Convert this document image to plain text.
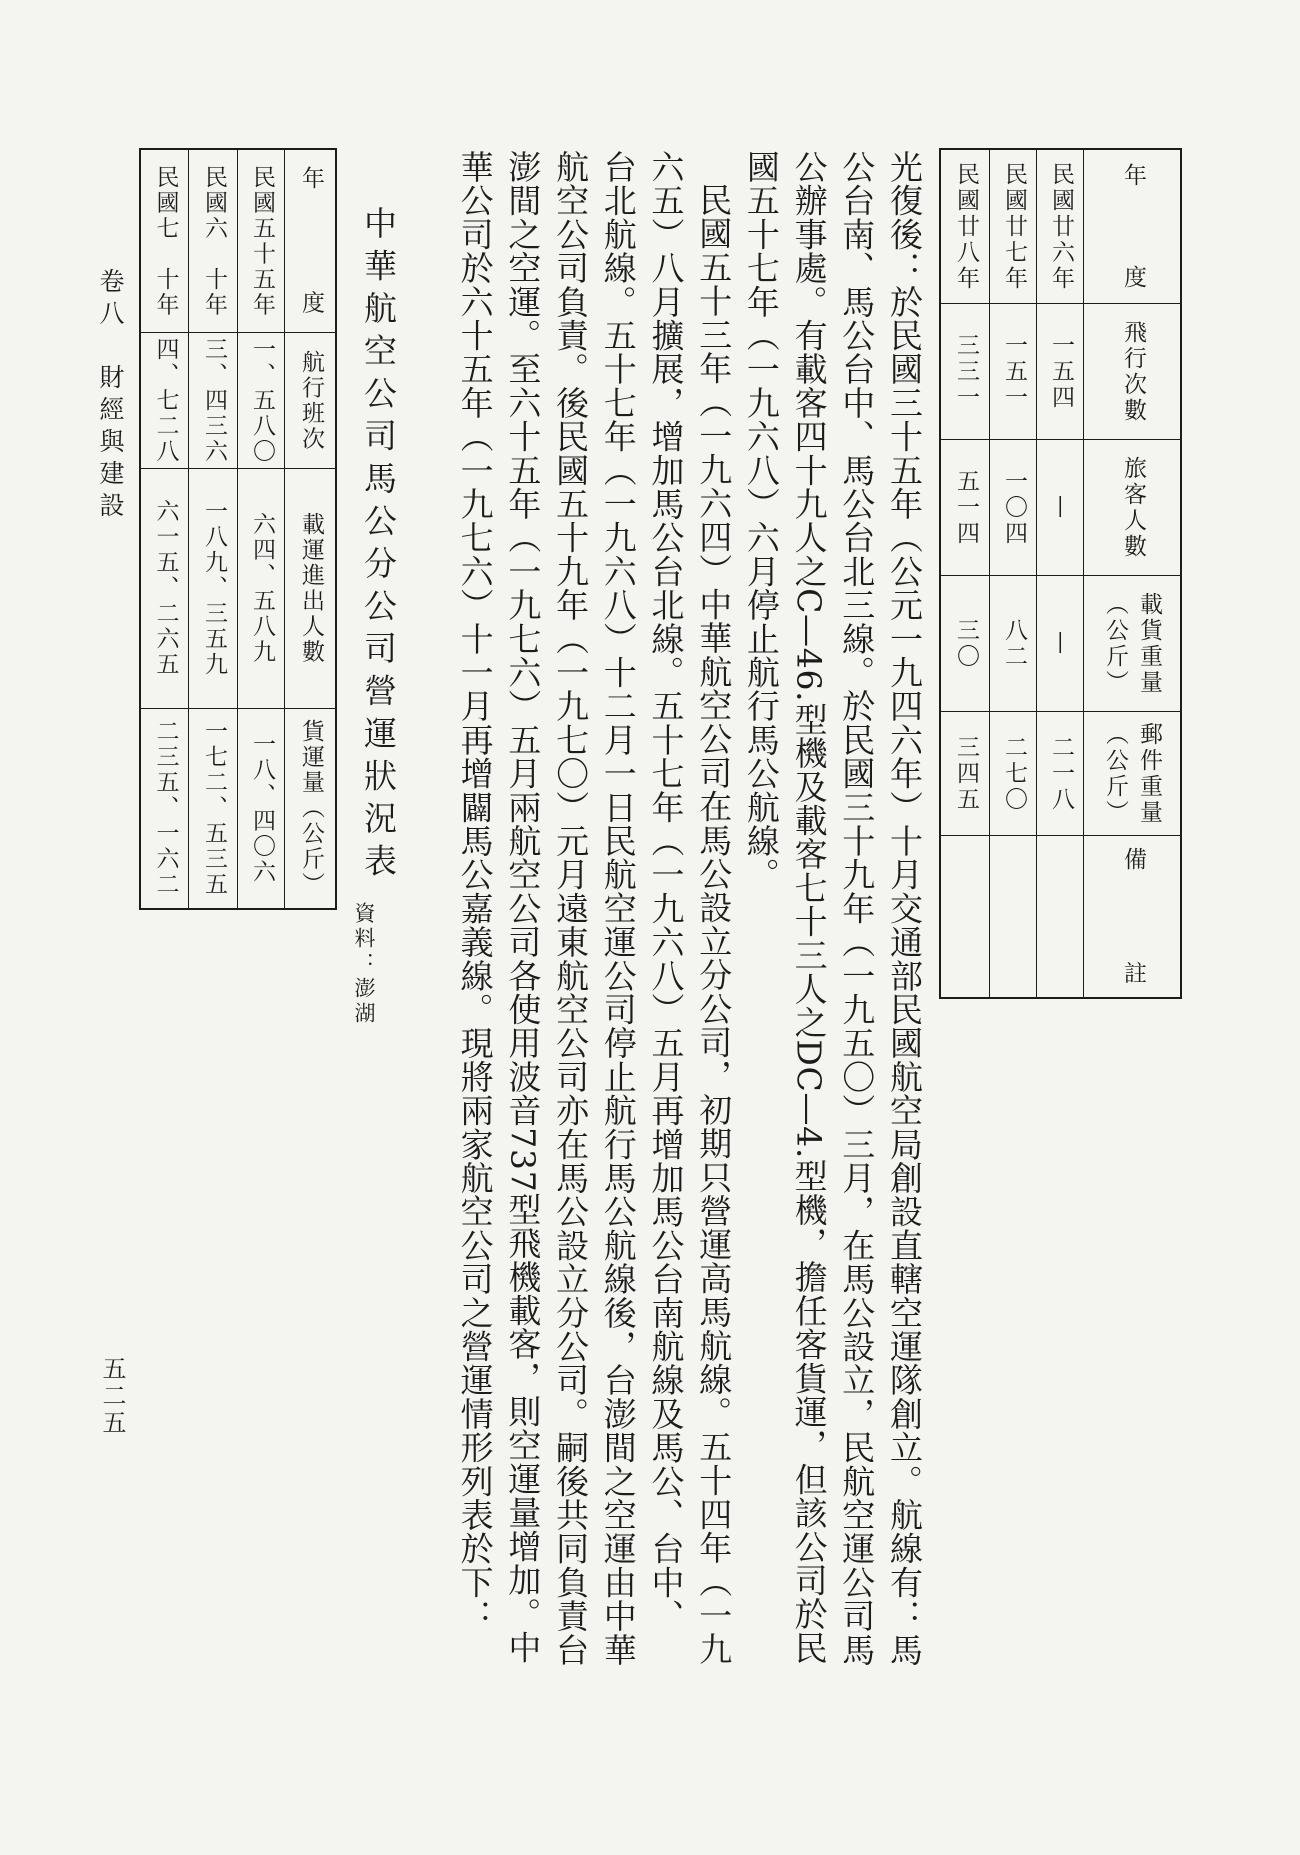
年　度
飛行次數
旅客人數
載貨重量
（公斤）
郵件重量
（公斤）
備　註
民國廿六年
一五四
—
—
二一八
民國廿七年
一五一
一〇四
八二
二七〇
民國廿八年
三三一
五一四
三〇
三四五
光復後：於民國三十五年（公元一九四六年）十月交通部民國航空局創設直轄空運隊創立。航線有：馬
公台南、馬公台中、馬公台北三線。於民國三十九年（一九五〇）三月，在馬公設立，民航空運公司馬
公辦事處。有載客四十九人之C—46.型機及載客七十三人之DC—4.型機，擔任客貨運，但該公司於民
國五十七年（一九六八）六月停止航行馬公航線。
民國五十三年（一九六四）中華航空公司在馬公設立分公司，初期只營運高馬航線。五十四年（一九
六五）八月擴展，增加馬公台北線。五十七年（一九六八）五月再增加馬公台南航線及馬公、台中、
台北航線。五十七年（一九六八）十二月一日民航空運公司停止航行馬公航線後，台澎間之空運由中華
航空公司負責。後民國五十九年（一九七〇）元月遠東航空公司亦在馬公設立分公司。嗣後共同負責台
澎間之空運。至六十五年（一九七六）五月兩航空公司各使用波音737型飛機載客，則空運量增加。中
華公司於六十五年（一九七六）十一月再增闢馬公嘉義線。現將兩家航空公司之營運情形列表於下：
中華航空公司馬公分公司營運狀況表
資料：澎湖
年　度
航行班次
載運進出人數
貨運量（公斤）
民國五十五年
一、五八〇
六四、五八九
一八、四〇六
民國六　十年
三、四三六
一八九、三五九
一七二、五三五
民國七　十年
四、七二八
六一五、二六五
二三五、一六二
卷八　財經與建設
五二五
